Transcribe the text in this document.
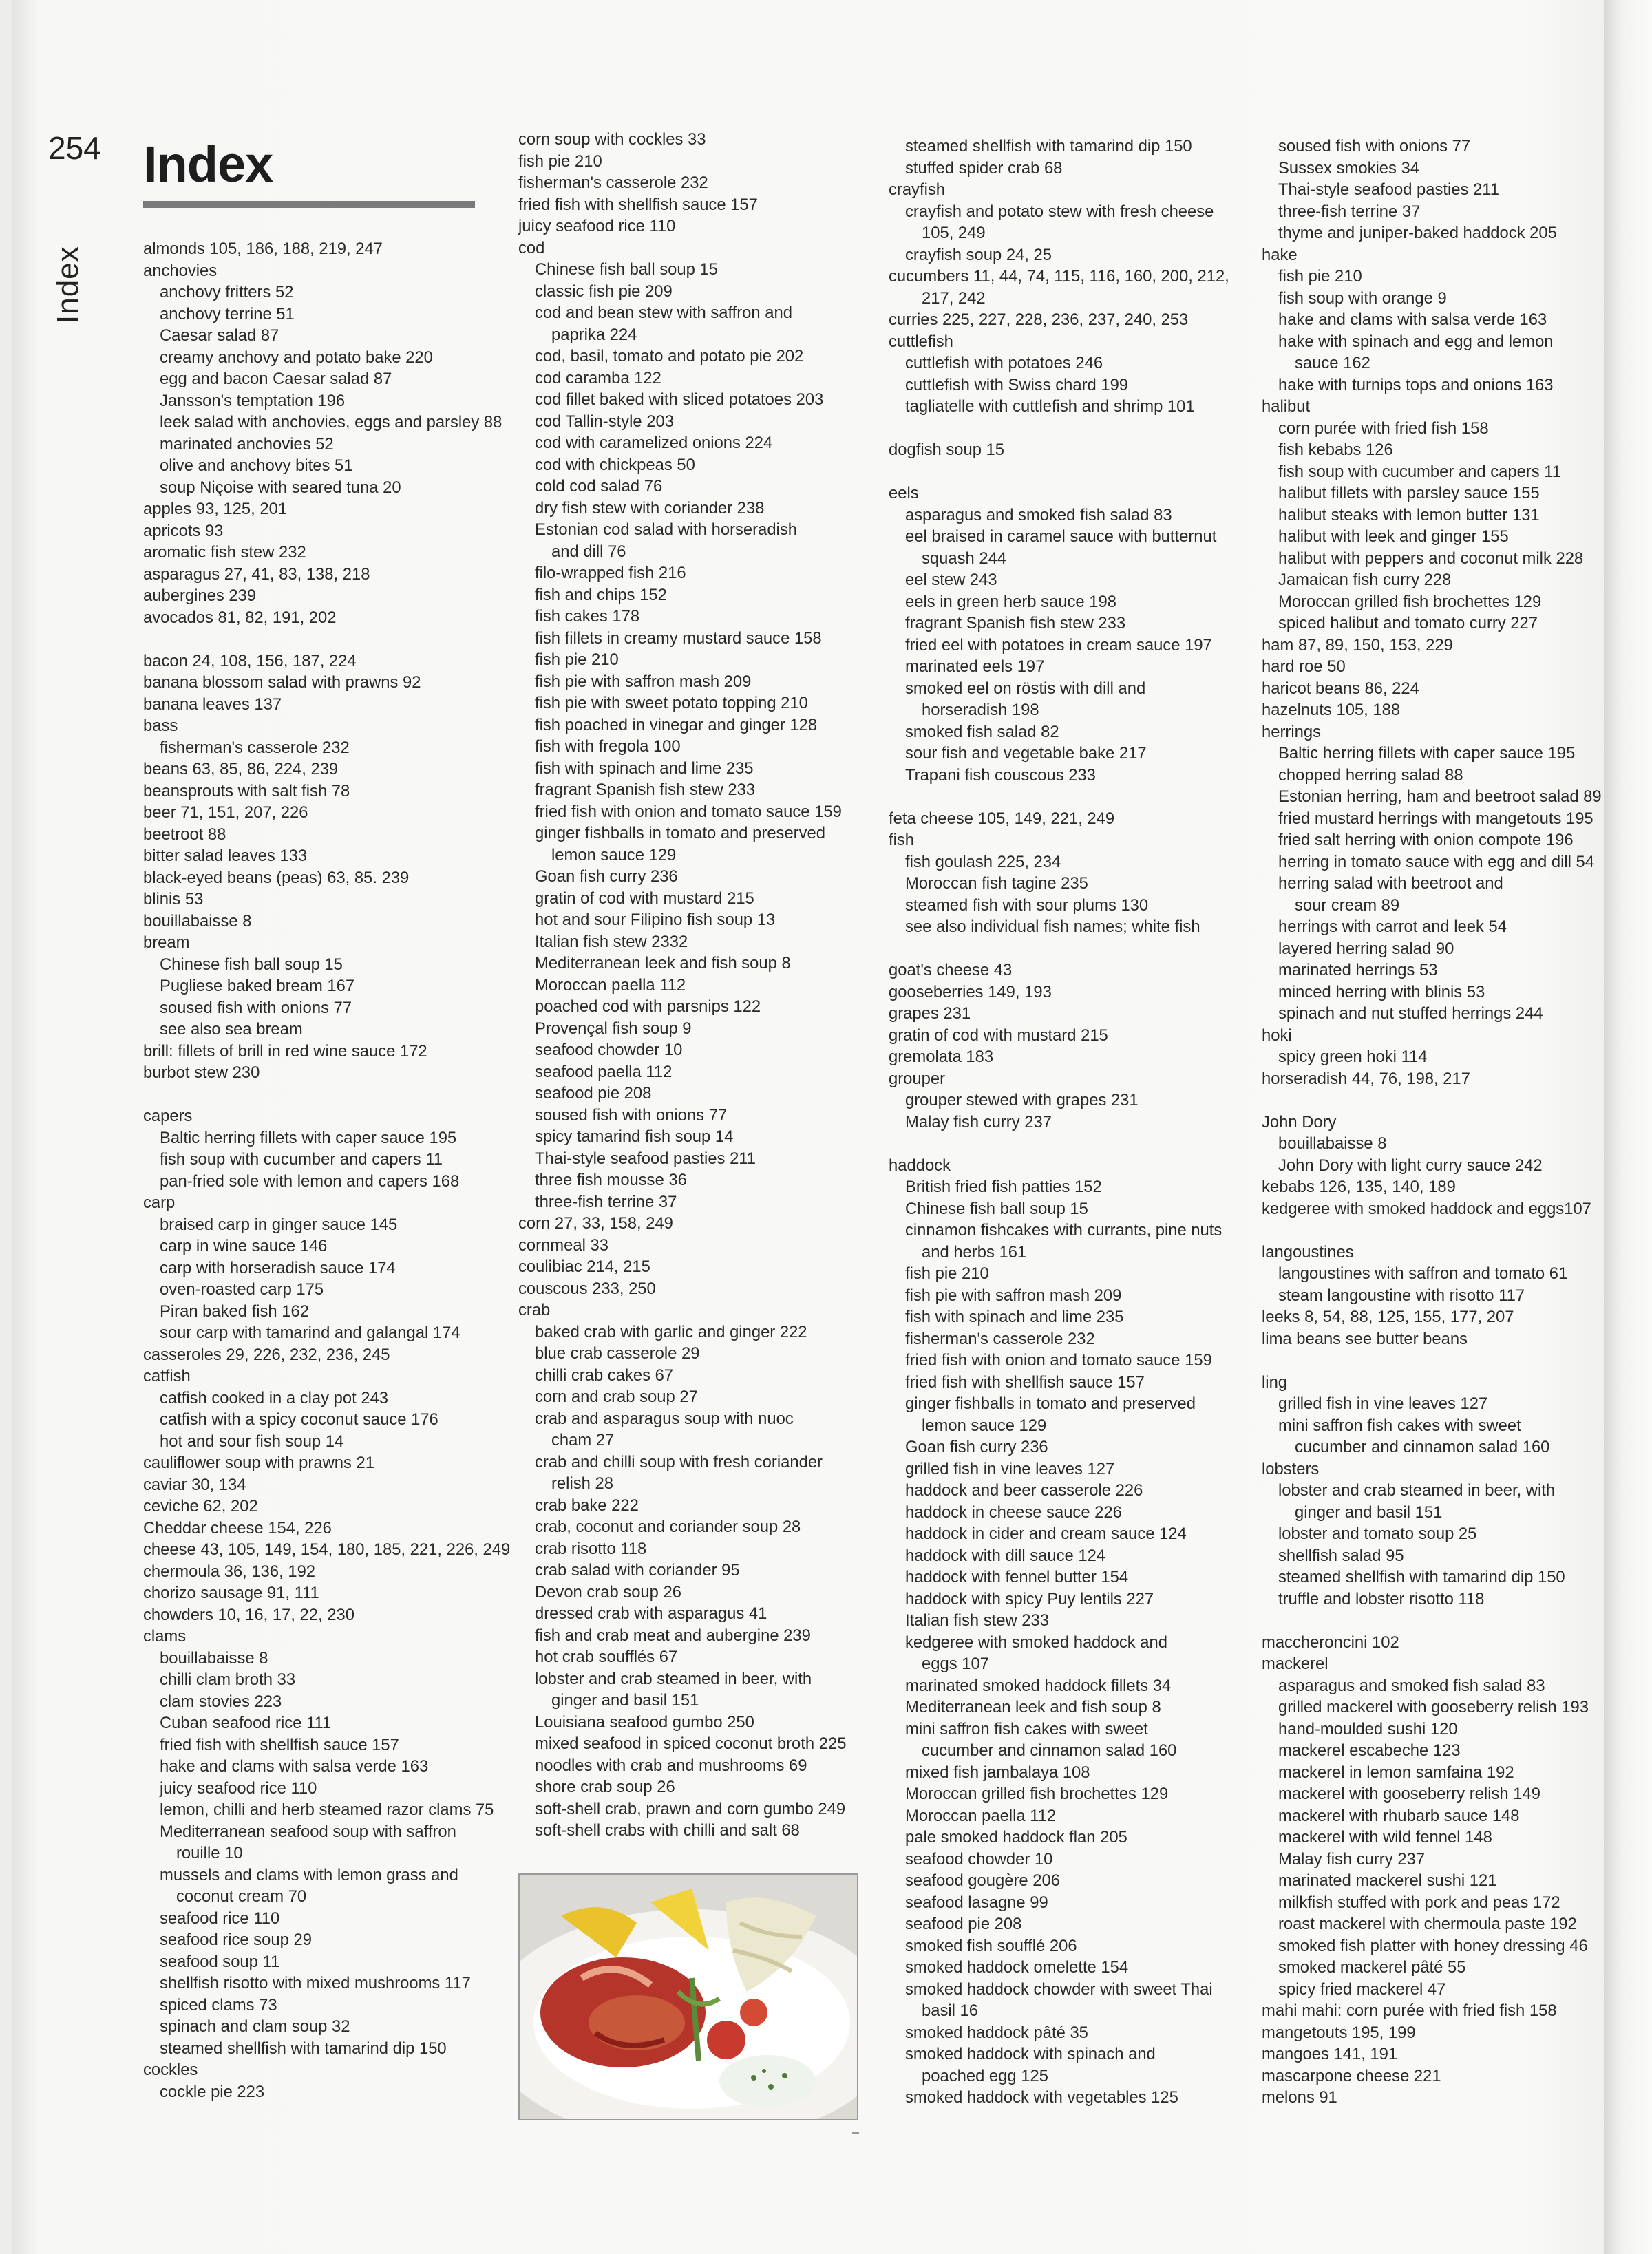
254
Index
Index
almonds 105, 186, 188, 219, 247
anchovies
anchovy fritters 52
anchovy terrine 51
Caesar salad 87
creamy anchovy and potato bake 220
egg and bacon Caesar salad 87
Jansson's temptation 196
leek salad with anchovies, eggs and parsley 88
marinated anchovies 52
olive and anchovy bites 51
soup Niçoise with seared tuna 20
apples 93, 125, 201
apricots 93
aromatic fish stew 232
asparagus 27, 41, 83, 138, 218
aubergines 239
avocados 81, 82, 191, 202
bacon 24, 108, 156, 187, 224
banana blossom salad with prawns 92
banana leaves 137
bass
fisherman's casserole 232
beans 63, 85, 86, 224, 239
beansprouts with salt fish 78
beer 71, 151, 207, 226
beetroot 88
bitter salad leaves 133
black-eyed beans (peas) 63, 85. 239
blinis 53
bouillabaisse 8
bream
Chinese fish ball soup 15
Pugliese baked bream 167
soused fish with onions 77
see also sea bream
brill: fillets of brill in red wine sauce 172
burbot stew 230
capers
Baltic herring fillets with caper sauce 195
fish soup with cucumber and capers 11
pan-fried sole with lemon and capers 168
carp
braised carp in ginger sauce 145
carp in wine sauce 146
carp with horseradish sauce 174
oven-roasted carp 175
Piran baked fish 162
sour carp with tamarind and galangal 174
casseroles 29, 226, 232, 236, 245
catfish
catfish cooked in a clay pot 243
catfish with a spicy coconut sauce 176
hot and sour fish soup 14
cauliflower soup with prawns 21
caviar 30, 134
ceviche 62, 202
Cheddar cheese 154, 226
cheese 43, 105, 149, 154, 180, 185, 221, 226, 249
chermoula 36, 136, 192
chorizo sausage 91, 111
chowders 10, 16, 17, 22, 230
clams
bouillabaisse 8
chilli clam broth 33
clam stovies 223
Cuban seafood rice 111
fried fish with shellfish sauce 157
hake and clams with salsa verde 163
juicy seafood rice 110
lemon, chilli and herb steamed razor clams 75
Mediterranean seafood soup with saffron
rouille 10
mussels and clams with lemon grass and
coconut cream 70
seafood rice 110
seafood rice soup 29
seafood soup 11
shellfish risotto with mixed mushrooms 117
spiced clams 73
spinach and clam soup 32
steamed shellfish with tamarind dip 150
cockles
cockle pie 223
corn soup with cockles 33
fish pie 210
fisherman's casserole 232
fried fish with shellfish sauce 157
juicy seafood rice 110
cod
Chinese fish ball soup 15
classic fish pie 209
cod and bean stew with saffron and
paprika 224
cod, basil, tomato and potato pie 202
cod caramba 122
cod fillet baked with sliced potatoes 203
cod Tallin-style 203
cod with caramelized onions 224
cod with chickpeas 50
cold cod salad 76
dry fish stew with coriander 238
Estonian cod salad with horseradish
and dill 76
filo-wrapped fish 216
fish and chips 152
fish cakes 178
fish fillets in creamy mustard sauce 158
fish pie 210
fish pie with saffron mash 209
fish pie with sweet potato topping 210
fish poached in vinegar and ginger 128
fish with fregola 100
fish with spinach and lime 235
fragrant Spanish fish stew 233
fried fish with onion and tomato sauce 159
ginger fishballs in tomato and preserved
lemon sauce 129
Goan fish curry 236
gratin of cod with mustard 215
hot and sour Filipino fish soup 13
Italian fish stew 2332
Mediterranean leek and fish soup 8
Moroccan paella 112
poached cod with parsnips 122
Provençal fish soup 9
seafood chowder 10
seafood paella 112
seafood pie 208
soused fish with onions 77
spicy tamarind fish soup 14
Thai-style seafood pasties 211
three fish mousse 36
three-fish terrine 37
corn 27, 33, 158, 249
cornmeal 33
coulibiac 214, 215
couscous 233, 250
crab
baked crab with garlic and ginger 222
blue crab casserole 29
chilli crab cakes 67
corn and crab soup 27
crab and asparagus soup with nuoc
cham 27
crab and chilli soup with fresh coriander
relish 28
crab bake 222
crab, coconut and coriander soup 28
crab risotto 118
crab salad with coriander 95
Devon crab soup 26
dressed crab with asparagus 41
fish and crab meat and aubergine 239
hot crab soufflés 67
lobster and crab steamed in beer, with
ginger and basil 151
Louisiana seafood gumbo 250
mixed seafood in spiced coconut broth 225
noodles with crab and mushrooms 69
shore crab soup 26
soft-shell crab, prawn and corn gumbo 249
soft-shell crabs with chilli and salt 68
steamed shellfish with tamarind dip 150
stuffed spider crab 68
crayfish
crayfish and potato stew with fresh cheese
105, 249
crayfish soup 24, 25
cucumbers 11, 44, 74, 115, 116, 160, 200, 212,
217, 242
curries 225, 227, 228, 236, 237, 240, 253
cuttlefish
cuttlefish with potatoes 246
cuttlefish with Swiss chard 199
tagliatelle with cuttlefish and shrimp 101
dogfish soup 15
eels
asparagus and smoked fish salad 83
eel braised in caramel sauce with butternut
squash 244
eel stew 243
eels in green herb sauce 198
fragrant Spanish fish stew 233
fried eel with potatoes in cream sauce 197
marinated eels 197
smoked eel on röstis with dill and
horseradish 198
smoked fish salad 82
sour fish and vegetable bake 217
Trapani fish couscous 233
feta cheese 105, 149, 221, 249
fish
fish goulash 225, 234
Moroccan fish tagine 235
steamed fish with sour plums 130
see also individual fish names; white fish
goat's cheese 43
gooseberries 149, 193
grapes 231
gratin of cod with mustard 215
gremolata 183
grouper
grouper stewed with grapes 231
Malay fish curry 237
haddock
British fried fish patties 152
Chinese fish ball soup 15
cinnamon fishcakes with currants, pine nuts
and herbs 161
fish pie 210
fish pie with saffron mash 209
fish with spinach and lime 235
fisherman's casserole 232
fried fish with onion and tomato sauce 159
fried fish with shellfish sauce 157
ginger fishballs in tomato and preserved
lemon sauce 129
Goan fish curry 236
grilled fish in vine leaves 127
haddock and beer casserole 226
haddock in cheese sauce 226
haddock in cider and cream sauce 124
haddock with dill sauce 124
haddock with fennel butter 154
haddock with spicy Puy lentils 227
Italian fish stew 233
kedgeree with smoked haddock and
eggs 107
marinated smoked haddock fillets 34
Mediterranean leek and fish soup 8
mini saffron fish cakes with sweet
cucumber and cinnamon salad 160
mixed fish jambalaya 108
Moroccan grilled fish brochettes 129
Moroccan paella 112
pale smoked haddock flan 205
seafood chowder 10
seafood gougère 206
seafood lasagne 99
seafood pie 208
smoked fish soufflé 206
smoked haddock omelette 154
smoked haddock chowder with sweet Thai
basil 16
smoked haddock pâté 35
smoked haddock with spinach and
poached egg 125
smoked haddock with vegetables 125
soused fish with onions 77
Sussex smokies 34
Thai-style seafood pasties 211
three-fish terrine 37
thyme and juniper-baked haddock 205
hake
fish pie 210
fish soup with orange 9
hake and clams with salsa verde 163
hake with spinach and egg and lemon
sauce 162
hake with turnips tops and onions 163
halibut
corn purée with fried fish 158
fish kebabs 126
fish soup with cucumber and capers 11
halibut fillets with parsley sauce 155
halibut steaks with lemon butter 131
halibut with leek and ginger 155
halibut with peppers and coconut milk 228
Jamaican fish curry 228
Moroccan grilled fish brochettes 129
spiced halibut and tomato curry 227
ham 87, 89, 150, 153, 229
hard roe 50
haricot beans 86, 224
hazelnuts 105, 188
herrings
Baltic herring fillets with caper sauce 195
chopped herring salad 88
Estonian herring, ham and beetroot salad 89
fried mustard herrings with mangetouts 195
fried salt herring with onion compote 196
herring in tomato sauce with egg and dill 54
herring salad with beetroot and
sour cream 89
herrings with carrot and leek 54
layered herring salad 90
marinated herrings 53
minced herring with blinis 53
spinach and nut stuffed herrings 244
hoki
spicy green hoki 114
horseradish 44, 76, 198, 217
John Dory
bouillabaisse 8
John Dory with light curry sauce 242
kebabs 126, 135, 140, 189
kedgeree with smoked haddock and eggs107
langoustines
langoustines with saffron and tomato 61
steam langoustine with risotto 117
leeks 8, 54, 88, 125, 155, 177, 207
lima beans see butter beans
ling
grilled fish in vine leaves 127
mini saffron fish cakes with sweet
cucumber and cinnamon salad 160
lobsters
lobster and crab steamed in beer, with
ginger and basil 151
lobster and tomato soup 25
shellfish salad 95
steamed shellfish with tamarind dip 150
truffle and lobster risotto 118
maccheroncini 102
mackerel
asparagus and smoked fish salad 83
grilled mackerel with gooseberry relish 193
hand-moulded sushi 120
mackerel escabeche 123
mackerel in lemon samfaina 192
mackerel with gooseberry relish 149
mackerel with rhubarb sauce 148
mackerel with wild fennel 148
Malay fish curry 237
marinated mackerel sushi 121
milkfish stuffed with pork and peas 172
roast mackerel with chermoula paste 192
smoked fish platter with honey dressing 46
smoked mackerel pâté 55
spicy fried mackerel 47
mahi mahi: corn purée with fried fish 158
mangetouts 195, 199
mangoes 141, 191
mascarpone cheese 221
melons 91
